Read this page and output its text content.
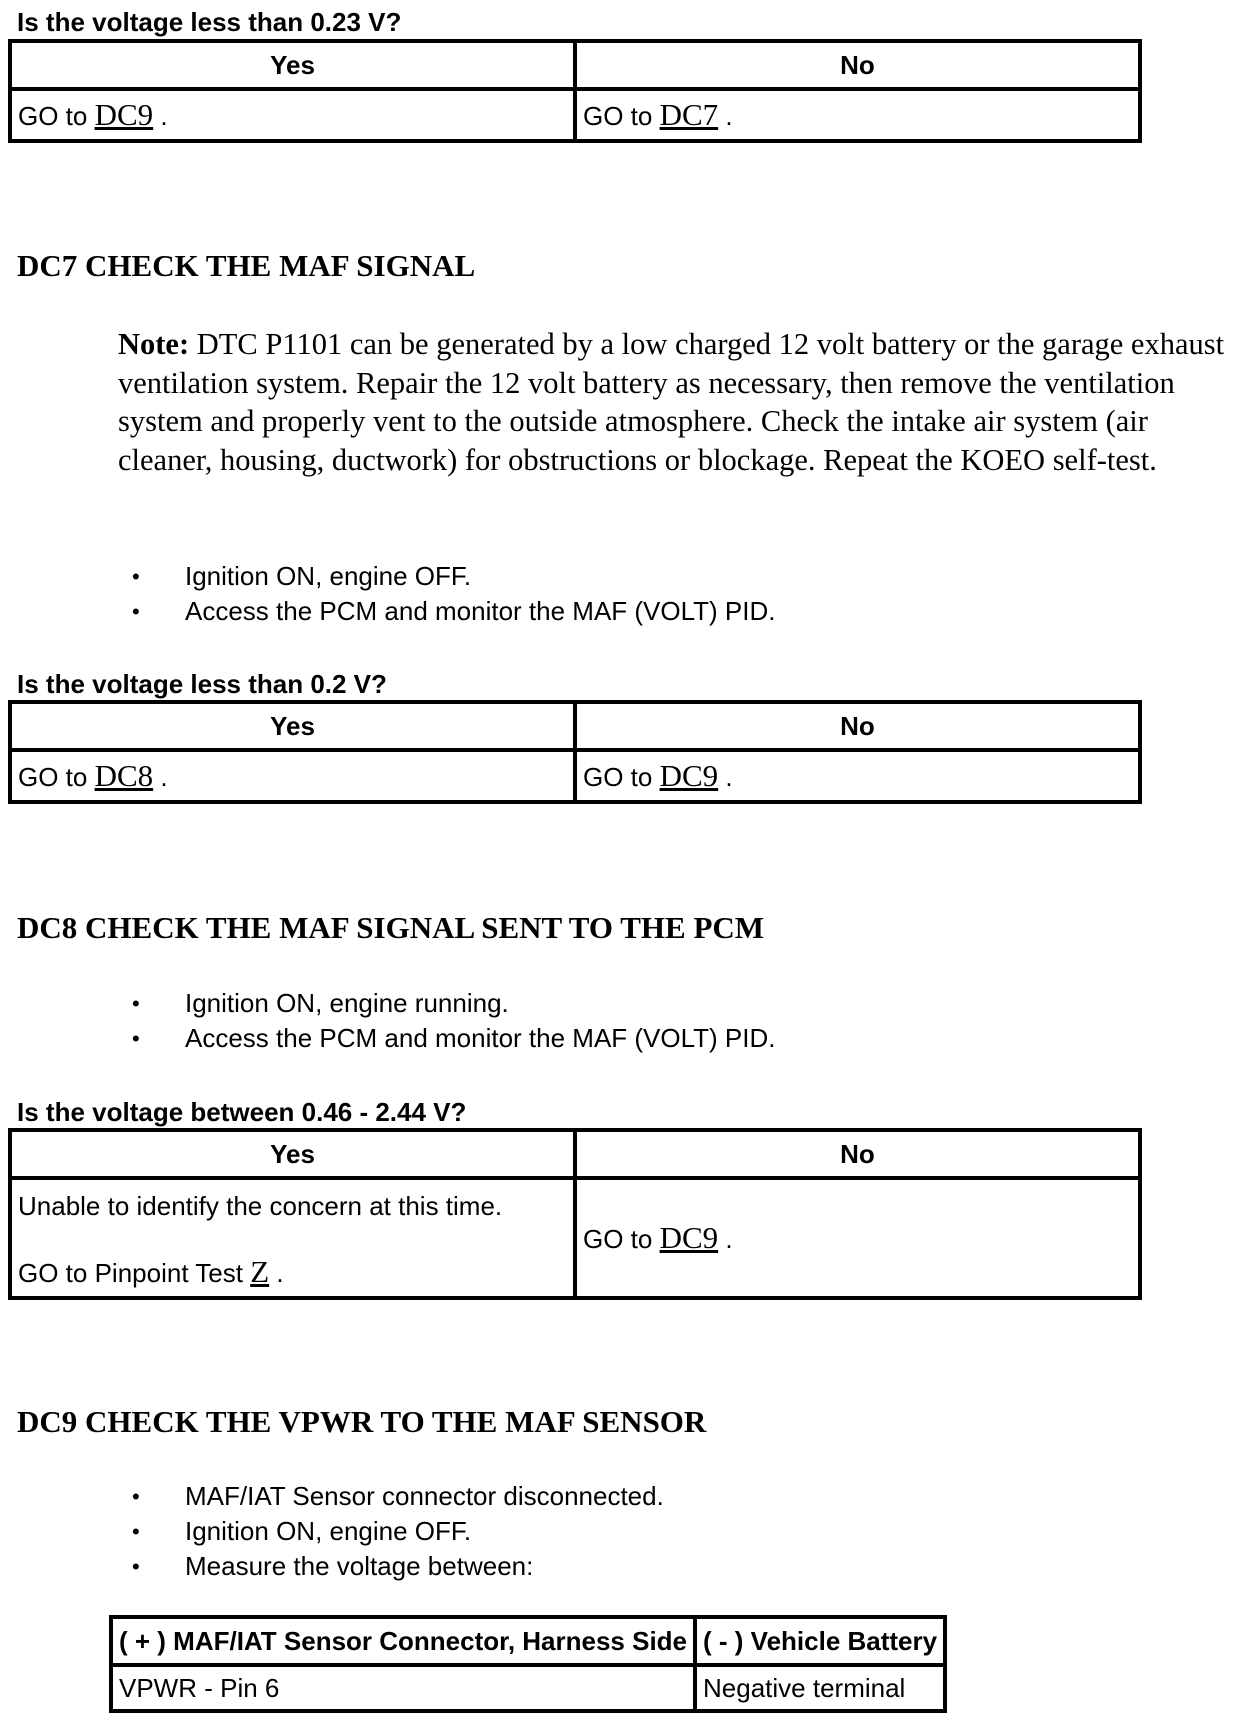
Is the voltage less than 0.23 V?
Yes	No
GO to DC9 .	GO to DC7 .
DC7 CHECK THE MAF SIGNAL
Note: DTC P1101 can be generated by a low charged 12 volt battery or the garage exhaust ventilation system. Repair the 12 volt battery as necessary, then remove the ventilation system and properly vent to the outside atmosphere. Check the intake air system (air cleaner, housing, ductwork) for obstructions or blockage. Repeat the KOEO self-test.
• Ignition ON, engine OFF.
• Access the PCM and monitor the MAF (VOLT) PID.
Is the voltage less than 0.2 V?
Yes	No
GO to DC8 .	GO to DC9 .
DC8 CHECK THE MAF SIGNAL SENT TO THE PCM
• Ignition ON, engine running.
• Access the PCM and monitor the MAF (VOLT) PID.
Is the voltage between 0.46 - 2.44 V?
Yes	No

Unable to identify the concern at this time.
GO to Pinpoint Test Z .	GO to DC9 .
DC9 CHECK THE VPWR TO THE MAF SENSOR
• MAF/IAT Sensor connector disconnected.
• Ignition ON, engine OFF.
• Measure the voltage between:
( + ) MAF/IAT Sensor Connector, Harness Side	( - ) Vehicle Battery
VPWR - Pin 6	Negative terminal
